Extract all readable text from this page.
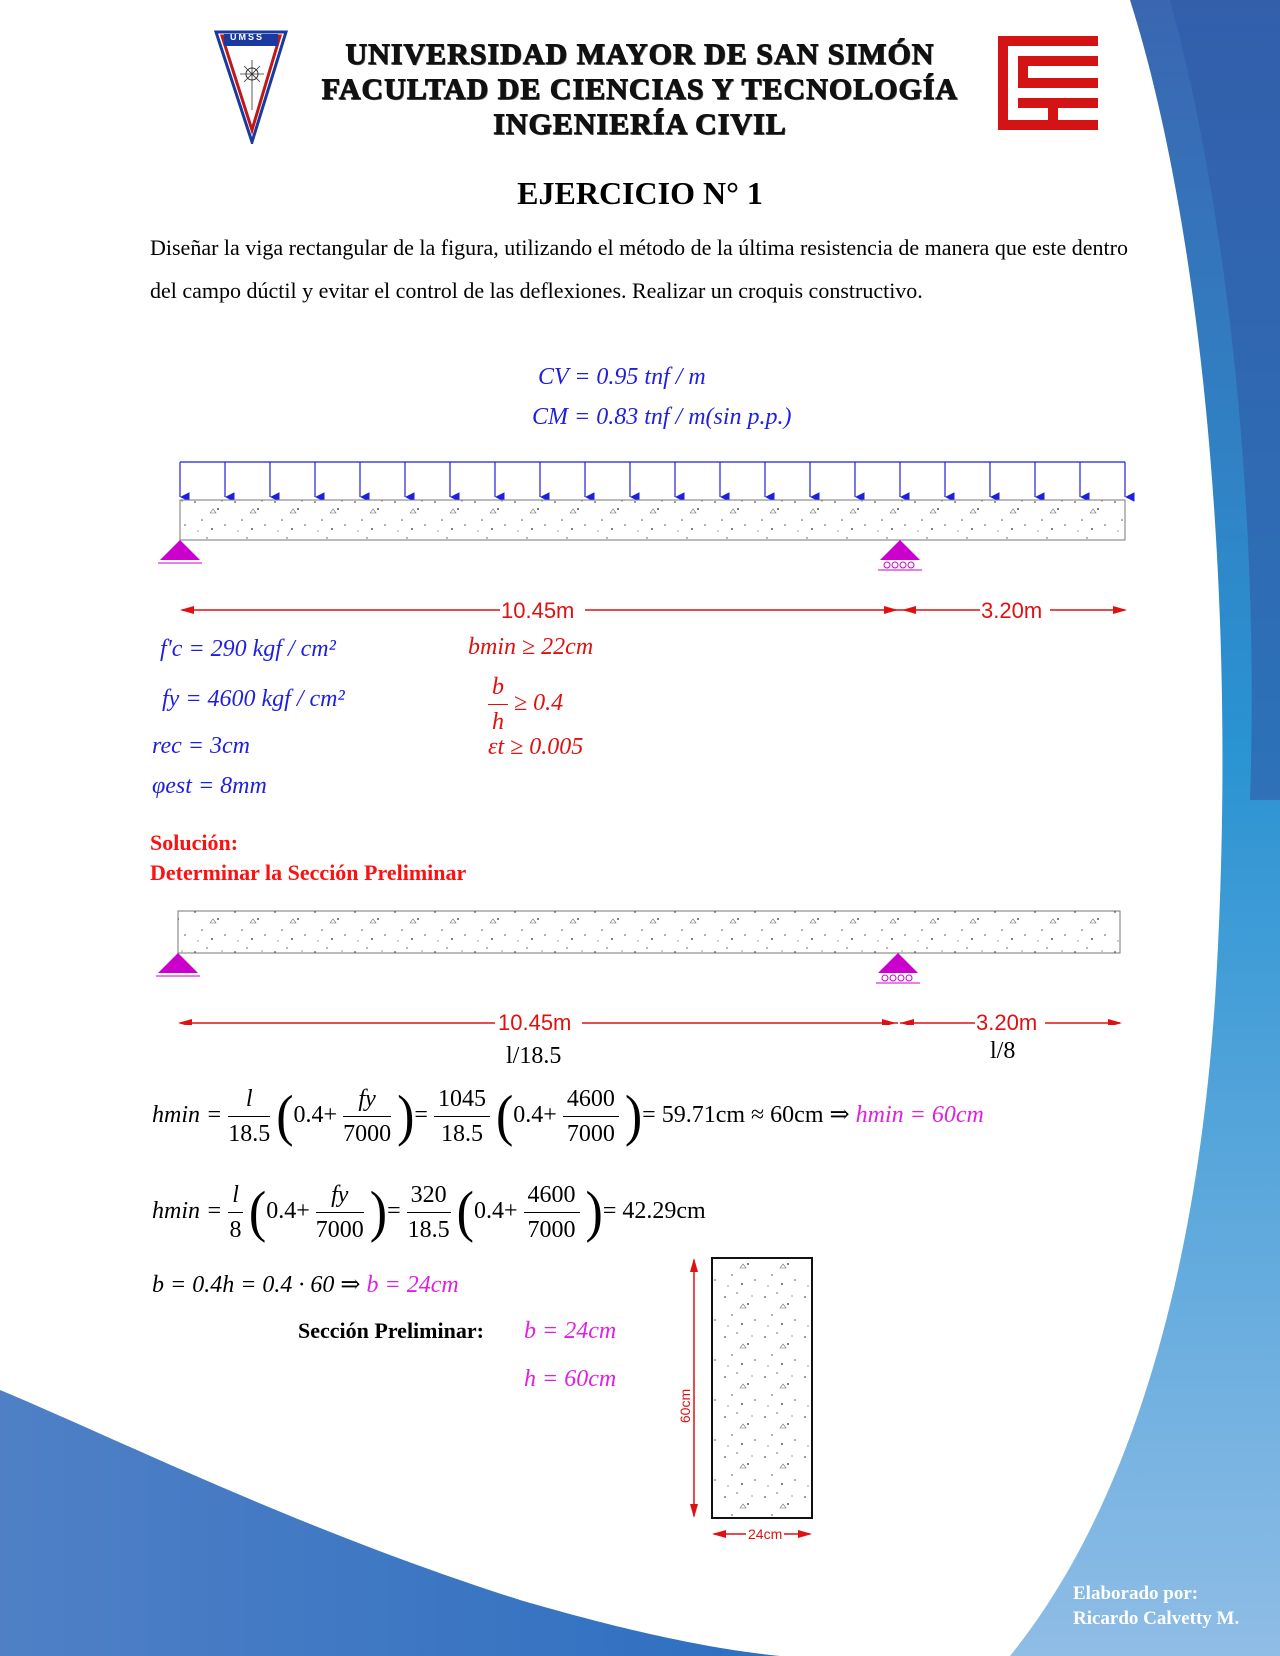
UMSS
UNIVERSIDAD MAYOR DE SAN SIMÓN
FACULTAD DE CIENCIAS Y TECNOLOGÍA
INGENIERÍA CIVIL
EJERCICIO N° 1
Diseñar la viga rectangular de la figura, utilizando el método de la última resistencia de manera que este dentro del campo dúctil y evitar el control de las deflexiones. Realizar un croquis constructivo.
CV = 0.95 tnf / m
CM = 0.83 tnf / m(sin p.p.)
10.45m	3.20m
f'c = 290 kgf / cm²
fy = 4600 kgf / cm²
rec = 3cm
φest = 8mm
bmin ≥ 22cm
$\frac{b}{h} \ge 0.4$
εt ≥ 0.005
Solución:
Determinar la Sección Preliminar
10.45m	3.20m
l/18.5	l/8
$hmin = \frac{l}{18.5} (0.4+ \frac{fy}{7000}$ )= $\frac{1045}{18.5} (0.4+ \frac{4600}{7000}$ )= 59.71cm ≈ 60cm ⇒ hmin = 60cm
$hmin = \frac{l}{8} (0.4+ \frac{fy}{7000}$ )= $\frac{320}{18.5} (0.4+ \frac{4600}{7000}$ )= 42.29cm
b = 0.4h = 0.4 · 60 ⇒ b = 24cm
Sección Preliminar: b = 24cm
h = 60cm
60cm
24cm
Elaborado por:
Ricardo Calvetty M.
